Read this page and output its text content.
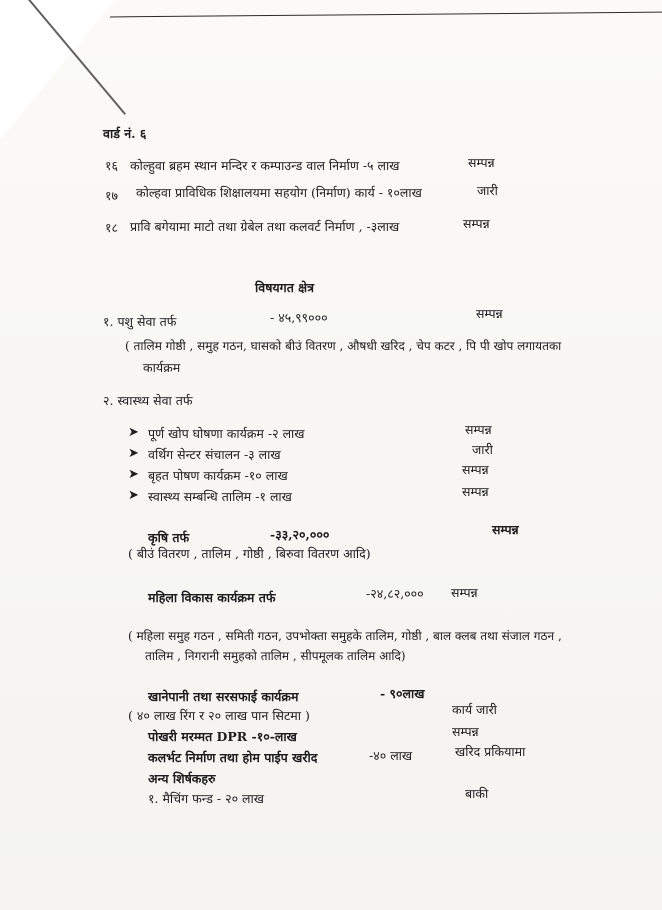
वार्ड नं. ६
१६ कोल्हुवा ब्रहम स्थान मन्दिर र कम्पाउन्ड वाल निर्माण -५ लाख	सम्पन्न
१७ कोल्हवा प्राविधिक शिक्षालयमा सहयोग (निर्माण) कार्य - १०लाख	जारी
१८ प्रावि बगेयामा माटो तथा ग्रेबेल तथा कलवर्ट निर्माण , -३लाख	सम्पन्न
विषयगत क्षेत्र
१. पशु सेवा तर्फ	- ४५,९९०००	सम्पन्न
( तालिम गोष्ठी , समुह गठन, घासको बीउं वितरण , औषधी खरिद , चेप कटर , पि पी खोप लगायतका
कार्यक्रम
२. स्वास्थ्य सेवा तर्फ
➤ पूर्ण खोप घोषणा कार्यक्रम -२ लाख	सम्पन्न
➤ वर्थिग सेन्टर संचालन -३ लाख	जारी
➤ बृहत पोषण कार्यक्रम -१० लाख	सम्पन्न
➤ स्वास्थ्य सम्बन्धि तालिम -१ लाख	सम्पन्न
कृषि तर्फ	-३३,२०,०००	सम्पन्न
( बीउं वितरण , तालिम , गोष्ठी , बिरुवा वितरण आदि)
महिला विकास कार्यक्रम तर्फ	-२४,८२,००० सम्पन्न
( महिला समुह गठन , समिती गठन, उपभोक्ता समुहके तालिम, गोष्ठी , बाल क्लब तथा संजाल गठन ,
तालिम , निगरानी समुहको तालिम , सीपमूलक तालिम आदि)
खानेपानी तथा सरसफाई कार्यक्रम	- ९०लाख
( ४० लाख रिंग र २० लाख पान सिटमा )	कार्य जारी
पोखरी मरम्मत DPR -१०-लाख	सम्पन्न
कलर्भट निर्माण तथा होम पाईप खरीद	-४० लाख	खरिद प्रकियामा
अन्य शिर्षकहरु
१. मैचिंग फन्ड - २० लाख	बाकी
